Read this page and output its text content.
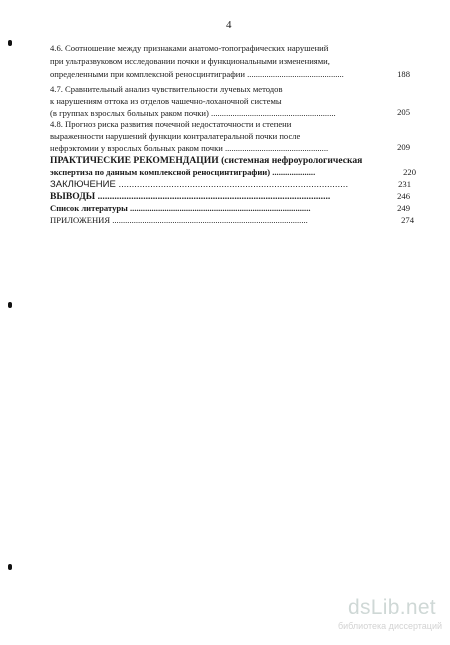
4
4.6. Соотношение между признаками анатомо-топографических нарушений
при ультразвуковом исследовании почки и функциональными изменениями,
определенными при комплексной реносцинтиграфии .............................................	188
4.7. Сравнительный анализ чувствительности лучевых методов
к нарушениям оттока из отделов чашечно-лоханочной системы
(в группах взрослых больных раком почки) ..........................................................	205
4.8. Прогноз риска развития почечной недостаточности и степени
выраженности нарушений функции контралатеральной почки после
нефрэктомии у взрослых больных раком почки ................................................	209
ПРАКТИЧЕСКИЕ РЕКОМЕНДАЦИИ (системная нефроурологическая
экспертиза по данным комплексной реносцинтиграфии) ....................	220
ЗАКЛЮЧЕНИЕ .......................................................................................	231
ВЫВОДЫ .................................................................................................	246
Список литературы ....................................................................................	249
ПРИЛОЖЕНИЯ ...........................................................................................	274
dsLib.net
библиотека диссертаций
